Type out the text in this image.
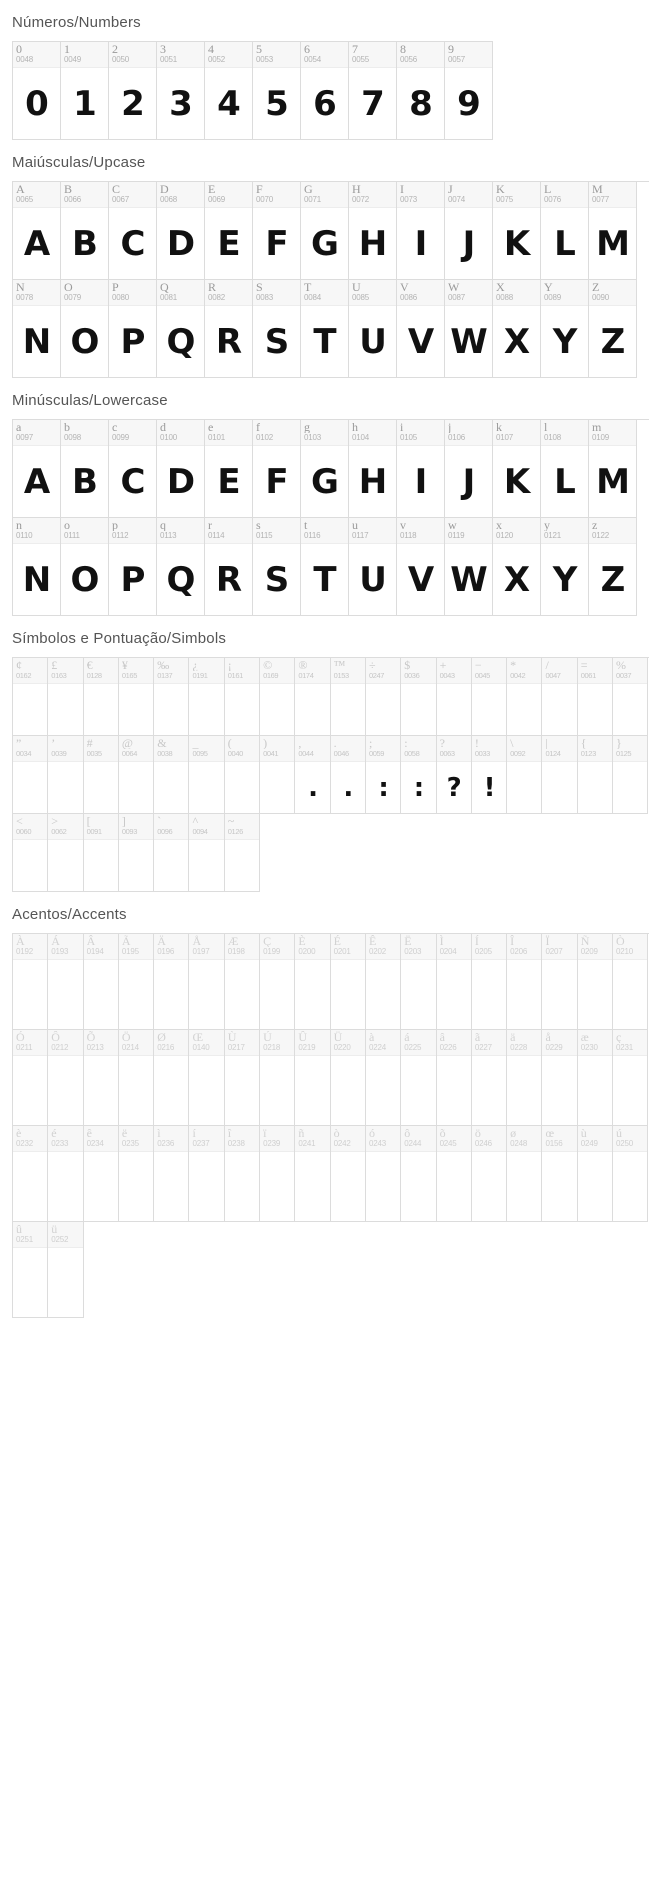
Números/Numbers
0
0048
0
1
0049
1
2
0050
2
3
0051
3
4
0052
4
5
0053
5
6
0054
6
7
0055
7
8
0056
8
9
0057
9
Maiúsculas/Upcase
A
0065
A
B
0066
B
C
0067
C
D
0068
D
E
0069
E
F
0070
F
G
0071
G
H
0072
H
I
0073
I
J
0074
J
K
0075
K
L
0076
L
M
0077
M
N
0078
N
O
0079
O
P
0080
P
Q
0081
Q
R
0082
R
S
0083
S
T
0084
T
U
0085
U
V
0086
V
W
0087
W
X
0088
X
Y
0089
Y
Z
0090
Z
Minúsculas/Lowercase
a
0097
A
b
0098
B
c
0099
C
d
0100
D
e
0101
E
f
0102
F
g
0103
G
h
0104
H
i
0105
I
j
0106
J
k
0107
K
l
0108
L
m
0109
M
n
0110
N
o
0111
O
p
0112
P
q
0113
Q
r
0114
R
s
0115
S
t
0116
T
u
0117
U
v
0118
V
w
0119
W
x
0120
X
y
0121
Y
z
0122
Z
Símbolos e Pontuação/Simbols
¢
0162
£
0163
€
0128
¥
0165
‰
0137
¿
0191
¡
0161
©
0169
®
0174
™
0153
÷
0247
$
0036
+
0043
−
0045
*
0042
/
0047
=
0061
%
0037
”
0034
’
0039
#
0035
@
0064
&
0038
_
0095
(
0040
)
0041
,
0044
.
.
0046
.
;
0059
:
:
0058
:
?
0063
?
!
0033
!
\
0092
|
0124
{
0123
}
0125
<
0060
>
0062
[
0091
]
0093
`
0096
^
0094
~
0126
Acentos/Accents
À
0192
Á
0193
Â
0194
Ã
0195
Ä
0196
Å
0197
Æ
0198
Ç
0199
È
0200
É
0201
Ê
0202
Ë
0203
Ì
0204
Í
0205
Î
0206
Ï
0207
Ñ
0209
Ò
0210
Ó
0211
Ô
0212
Õ
0213
Ö
0214
Ø
0216
Œ
0140
Ù
0217
Ú
0218
Û
0219
Ü
0220
à
0224
á
0225
â
0226
ã
0227
ä
0228
å
0229
æ
0230
ç
0231
è
0232
é
0233
ê
0234
ë
0235
ì
0236
í
0237
î
0238
ï
0239
ñ
0241
ò
0242
ó
0243
ô
0244
õ
0245
ö
0246
ø
0248
œ
0156
ù
0249
ú
0250
û
0251
ü
0252
